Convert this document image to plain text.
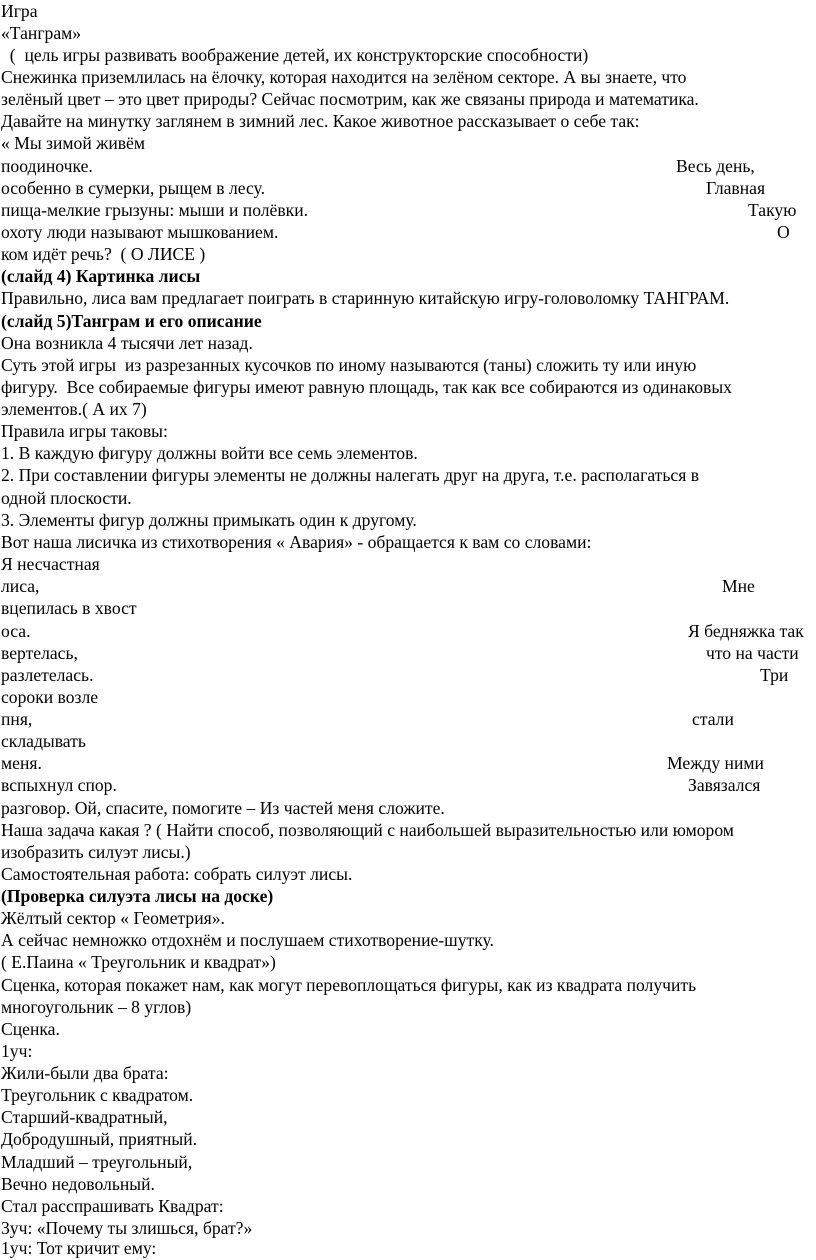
Игра
«Танграм»
(  цель игры развивать воображение детей, их конструкторские способности)
Снежинка приземлилась на ёлочку, которая находится на зелёном секторе. А вы знаете, что
зелёный цвет – это цвет природы? Сейчас посмотрим, как же связаны природа и математика.
Давайте на минутку заглянем в зимний лес. Какое животное рассказывает о себе так:
« Мы зимой живём
поодиночке.	Весь день,
особенно в сумерки, рыщем в лесу.	Главная
пища-мелкие грызуны: мыши и полёвки.	Такую
охоту люди называют мышкованием.	О
ком идёт речь?  ( О ЛИСЕ )
(слайд 4) Картинка лисы
Правильно, лиса вам предлагает поиграть в старинную китайскую игру-головоломку ТАНГРАМ.
(слайд 5)Танграм и его описание
Она возникла 4 тысячи лет назад.
Суть этой игры  из разрезанных кусочков по иному называются (таны) сложить ту или иную
фигуру.  Все собираемые фигуры имеют равную площадь, так как все собираются из одинаковых
элементов.( А их 7)
Правила игры таковы:
1. В каждую фигуру должны войти все семь элементов.
2. При составлении фигуры элементы не должны налегать друг на друга, т.е. располагаться в
одной плоскости.
3. Элементы фигур должны примыкать один к другому.
Вот наша лисичка из стихотворения « Авария» - обращается к вам со словами:
Я несчастная
лиса,	Мне
вцепилась в хвост
оса.	Я бедняжка так
вертелась,	что на части
разлетелась.	Три
сороки возле
пня,	стали
складывать
меня.	Между ними
вспыхнул спор.	Завязался
разговор. Ой, спасите, помогите – Из частей меня сложите.
Наша задача какая ? ( Найти способ, позволяющий с наибольшей выразительностью или юмором
изобразить силуэт лисы.)
Самостоятельная работа: собрать силуэт лисы.
(Проверка силуэта лисы на доске)
Жёлтый сектор « Геометрия».
А сейчас немножко отдохнём и послушаем стихотворение-шутку.
( Е.Паина « Треугольник и квадрат»)
Сценка, которая покажет нам, как могут перевоплощаться фигуры, как из квадрата получить
многоугольник – 8 углов)
Сценка.
1уч:
Жили-были два брата:
Треугольник с квадратом.
Старший-квадратный,
Добродушный, приятный.
Младший – треугольный,
Вечно недовольный.
Стал расспрашивать Квадрат:
3уч: «Почему ты злишься, брат?»
1уч: Тот кричит ему:
